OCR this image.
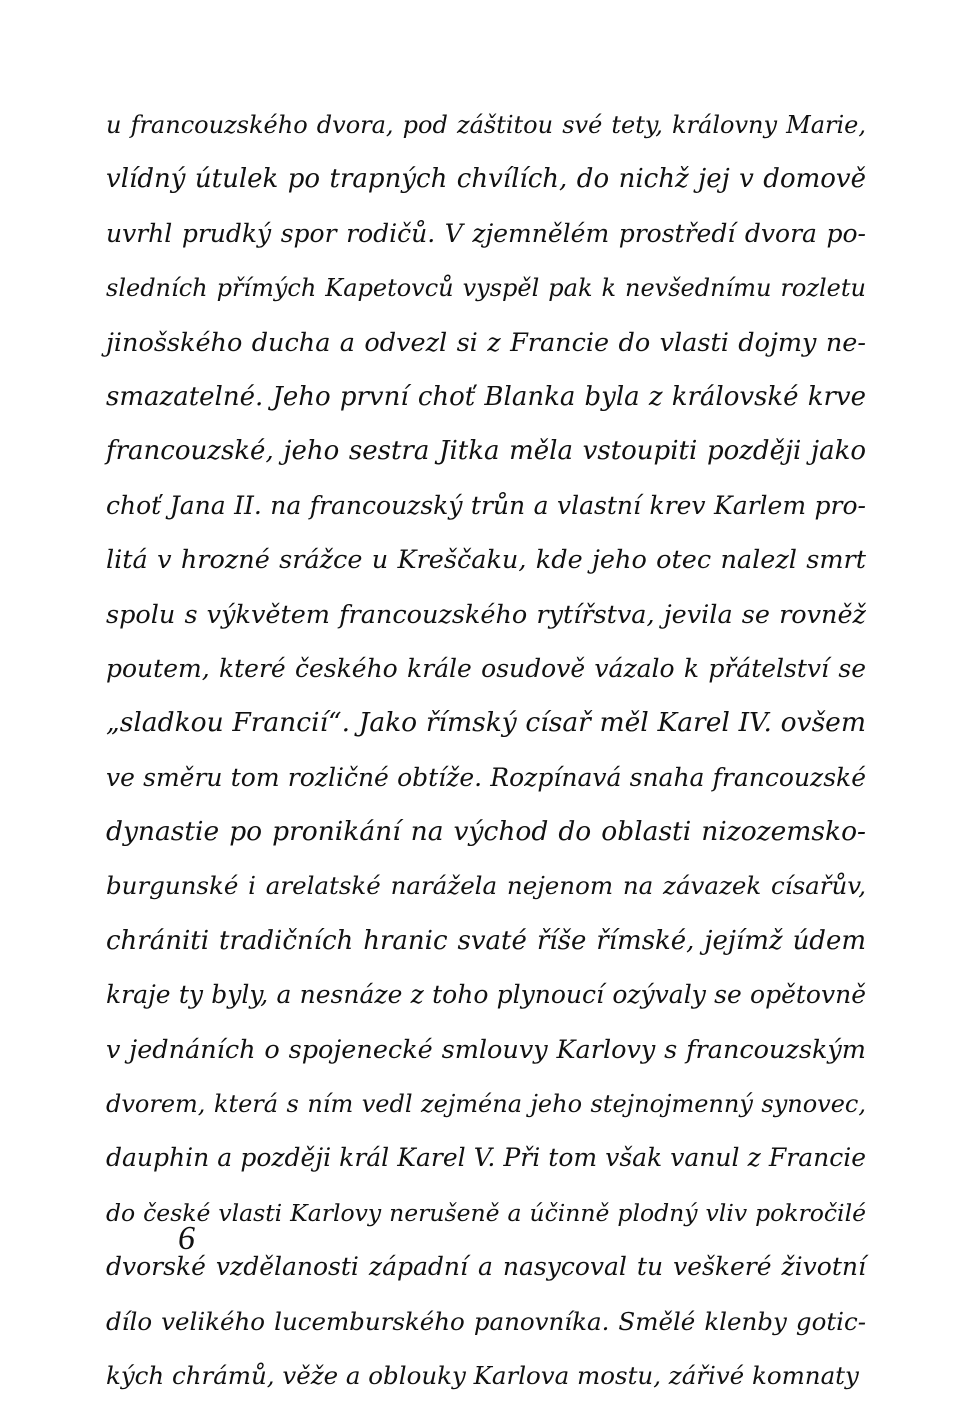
u francouzského dvora, pod záštitou své tety, královny Marie,
vlídný útulek po trapných chvílích, do nichž jej v domově
uvrhl prudký spor rodičů. V zjemnělém prostředí dvora po-
sledních přímých Kapetovců vyspěl pak k nevšednímu rozletu
jinošského ducha a odvezl si z Francie do vlasti dojmy ne-
smazatelné. Jeho první choť Blanka byla z královské krve
francouzské, jeho sestra Jitka měla vstoupiti později jako
choť Jana II. na francouzský trůn a vlastní krev Karlem pro-
litá v hrozné srážce u Kreščaku, kde jeho otec nalezl smrt
spolu s výkvětem francouzského rytířstva, jevila se rovněž
poutem, které českého krále osudově vázalo k přátelství se
„sladkou Francií“. Jako římský císař měl Karel IV. ovšem
ve směru tom rozličné obtíže. Rozpínavá snaha francouzské
dynastie po pronikání na východ do oblasti nizozemsko-
burgunské i arelatské narážela nejenom na závazek císařův,
chrániti tradičních hranic svaté říše římské, jejímž údem
kraje ty byly, a nesnáze z toho plynoucí ozývaly se opětovně
v jednáních o spojenecké smlouvy Karlovy s francouzským
dvorem, která s ním vedl zejména jeho stejnojmenný synovec,
dauphin a později král Karel V. Při tom však vanul z Francie
do české vlasti Karlovy nerušeně a účinně plodný vliv pokročilé
dvorské vzdělanosti západní a nasycoval tu veškeré životní
dílo velikého lucemburského panovníka. Smělé klenby gotic-
kých chrámů, věže a oblouky Karlova mostu, zářivé komnaty
6
